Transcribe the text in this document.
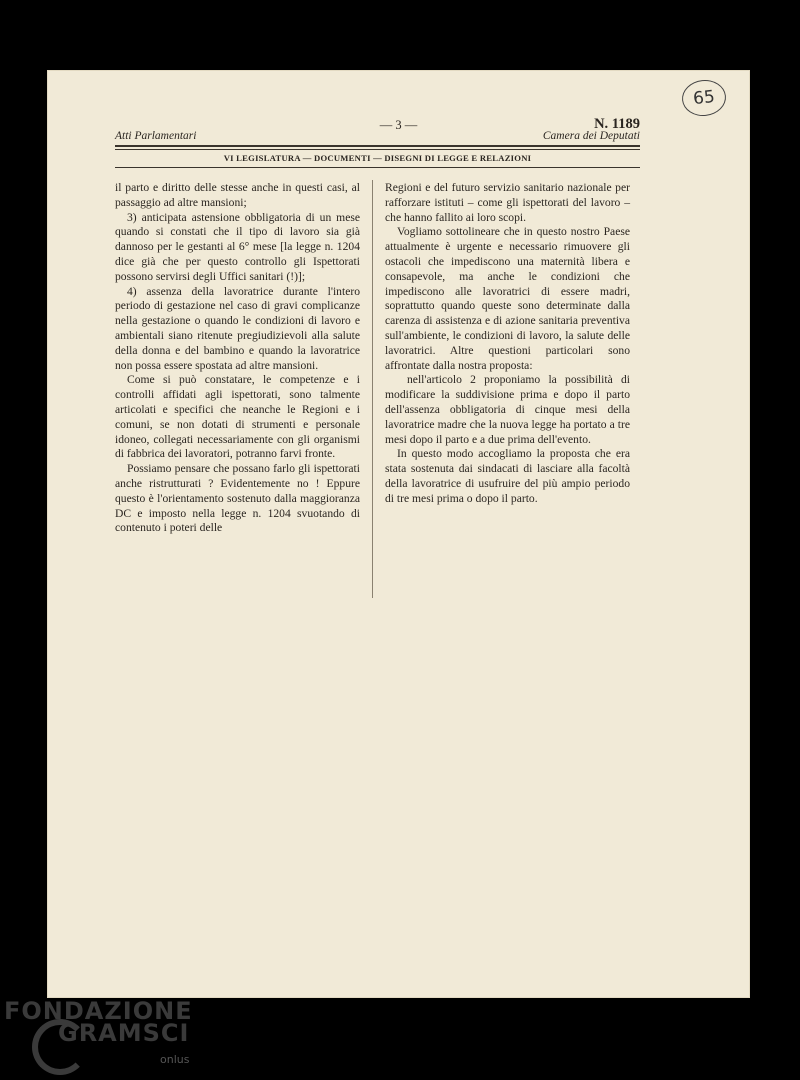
65
— 3 —	N. 1189
Atti Parlamentari	Camera dei Deputati
VI LEGISLATURA — DOCUMENTI — DISEGNI DI LEGGE E RELAZIONI

il parto e diritto delle stesse anche in questi casi, al passaggio ad altre mansioni;

3) anticipata astensione obbligatoria di un mese quando si constati che il tipo di lavoro sia già dannoso per le gestanti al 6° mese [la legge n. 1204 dice già che per questo controllo gli Ispettorati possono servirsi degli Uffici sanitari (!)];

4) assenza della lavoratrice durante l'intero periodo di gestazione nel caso di gravi complicanze nella gestazione o quando le condizioni di lavoro e ambientali siano ritenute pregiudizievoli alla salute della donna e del bambino e quando la lavoratrice non possa essere spostata ad altre mansioni.

Come si può constatare, le competenze e i controlli affidati agli ispettorati, sono talmente articolati e specifici che neanche le Regioni e i comuni, se non dotati di strumenti e personale idoneo, collegati necessariamente con gli organismi di fabbrica dei lavoratori, potranno farvi fronte.

Possiamo pensare che possano farlo gli ispettorati anche ristrutturati ? Evidentemente no ! Eppure questo è l'orientamento sostenuto dalla maggioranza DC e imposto nella legge n. 1204 svuotando di contenuto i poteri delle

Regioni e del futuro servizio sanitario nazionale per rafforzare istituti – come gli ispettorati del lavoro – che hanno fallito ai loro scopi.

Vogliamo sottolineare che in questo nostro Paese attualmente è urgente e necessario rimuovere gli ostacoli che impediscono una maternità libera e consapevole, ma anche le condizioni che impediscono alle lavoratrici di essere madri, soprattutto quando queste sono determinate dalla carenza di assistenza e di azione sanitaria preventiva sull'ambiente, le condizioni di lavoro, la salute delle lavoratrici. Altre questioni particolari sono affrontate dalla nostra proposta:

nell'articolo 2 proponiamo la possibilità di modificare la suddivisione prima e dopo il parto dell'assenza obbligatoria di cinque mesi della lavoratrice madre che la nuova legge ha portato a tre mesi dopo il parto e a due prima dell'evento.

In questo modo accogliamo la proposta che era stata sostenuta dai sindacati di lasciare alla facoltà della lavoratrice di usufruire del più ampio periodo di tre mesi prima o dopo il parto.

FONDAZIONE
GRAMSCI
onlus
